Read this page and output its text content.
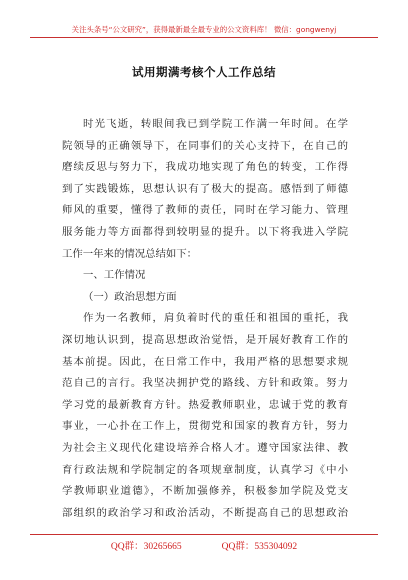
关注头条号“公文研究”，获得最新最全最专业的公文资料库！ 微信：gongwenyj
试用期满考核个人工作总结
时光飞逝，转眼间我已到学院工作满一年时间。在学
院领导的正确领导下，在同事们的关心支持下，在自己的
磨续反思与努力下，我成功地实现了角色的转变，工作得
到了实践锻炼，思想认识有了极大的提高。感悟到了师德
师风的重要，懂得了教师的责任，同时在学习能力、管理
服务能力等方面都得到较明显的提升。以下将我进入学院
工作一年来的情况总结如下：
一、工作情况
（一）政治思想方面
作为一名教师，肩负着时代的重任和祖国的重托，我
深切地认识到，提高思想政治觉悟，是开展好教育工作的
基本前提。因此，在日常工作中，我用严格的思想要求规
范自己的言行。我坚决拥护党的路线、方针和政策。努力
学习党的最新教育方针。热爱教师职业，忠诚于党的教育
事业，一心扑在工作上，贯彻党和国家的教育方针，努力
为社会主义现代化建设培养合格人才。遵守国家法律、教
育行政法规和学院制定的各项规章制度，认真学习《中小
学教师职业道德》，不断加强修养，积极参加学院及党支
部组织的政治学习和政治活动，不断提高自己的思想政治
QQ群：30265665	QQ群：535304092
